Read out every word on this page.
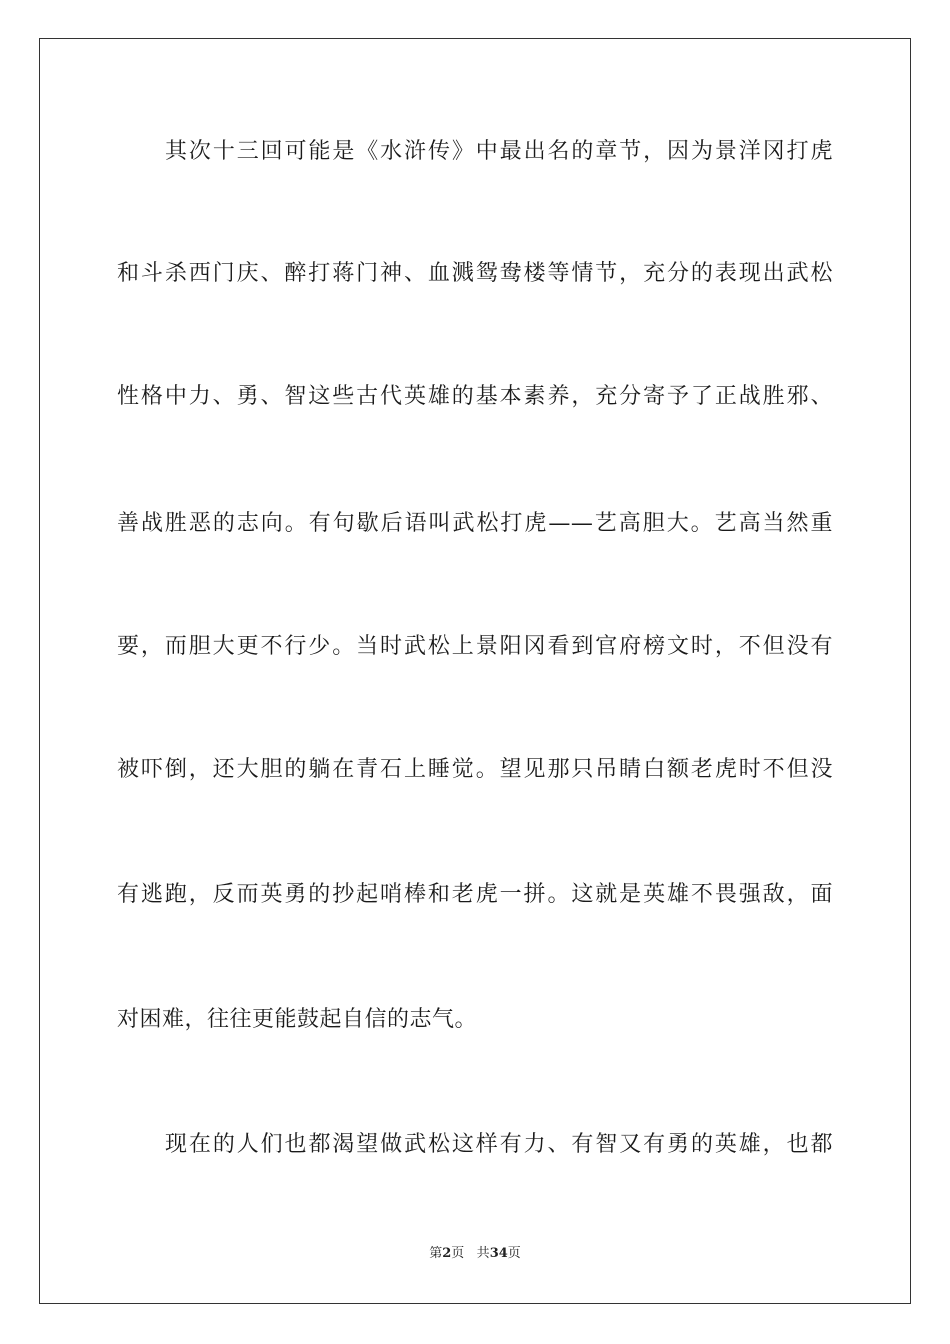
其次十三回可能是《水浒传》中最出名的章节，因为景洋冈打虎
和斗杀西门庆、醉打蒋门神、血溅鸳鸯楼等情节，充分的表现出武松
性格中力、勇、智这些古代英雄的基本素养，充分寄予了正战胜邪、
善战胜恶的志向。有句歇后语叫武松打虎——艺高胆大。艺高当然重
要，而胆大更不行少。当时武松上景阳冈看到官府榜文时，不但没有
被吓倒，还大胆的躺在青石上睡觉。望见那只吊睛白额老虎时不但没
有逃跑，反而英勇的抄起哨棒和老虎一拼。这就是英雄不畏强敌，面
对困难，往往更能鼓起自信的志气。
现在的人们也都渴望做武松这样有力、有智又有勇的英雄，也都
第2页 共34页
